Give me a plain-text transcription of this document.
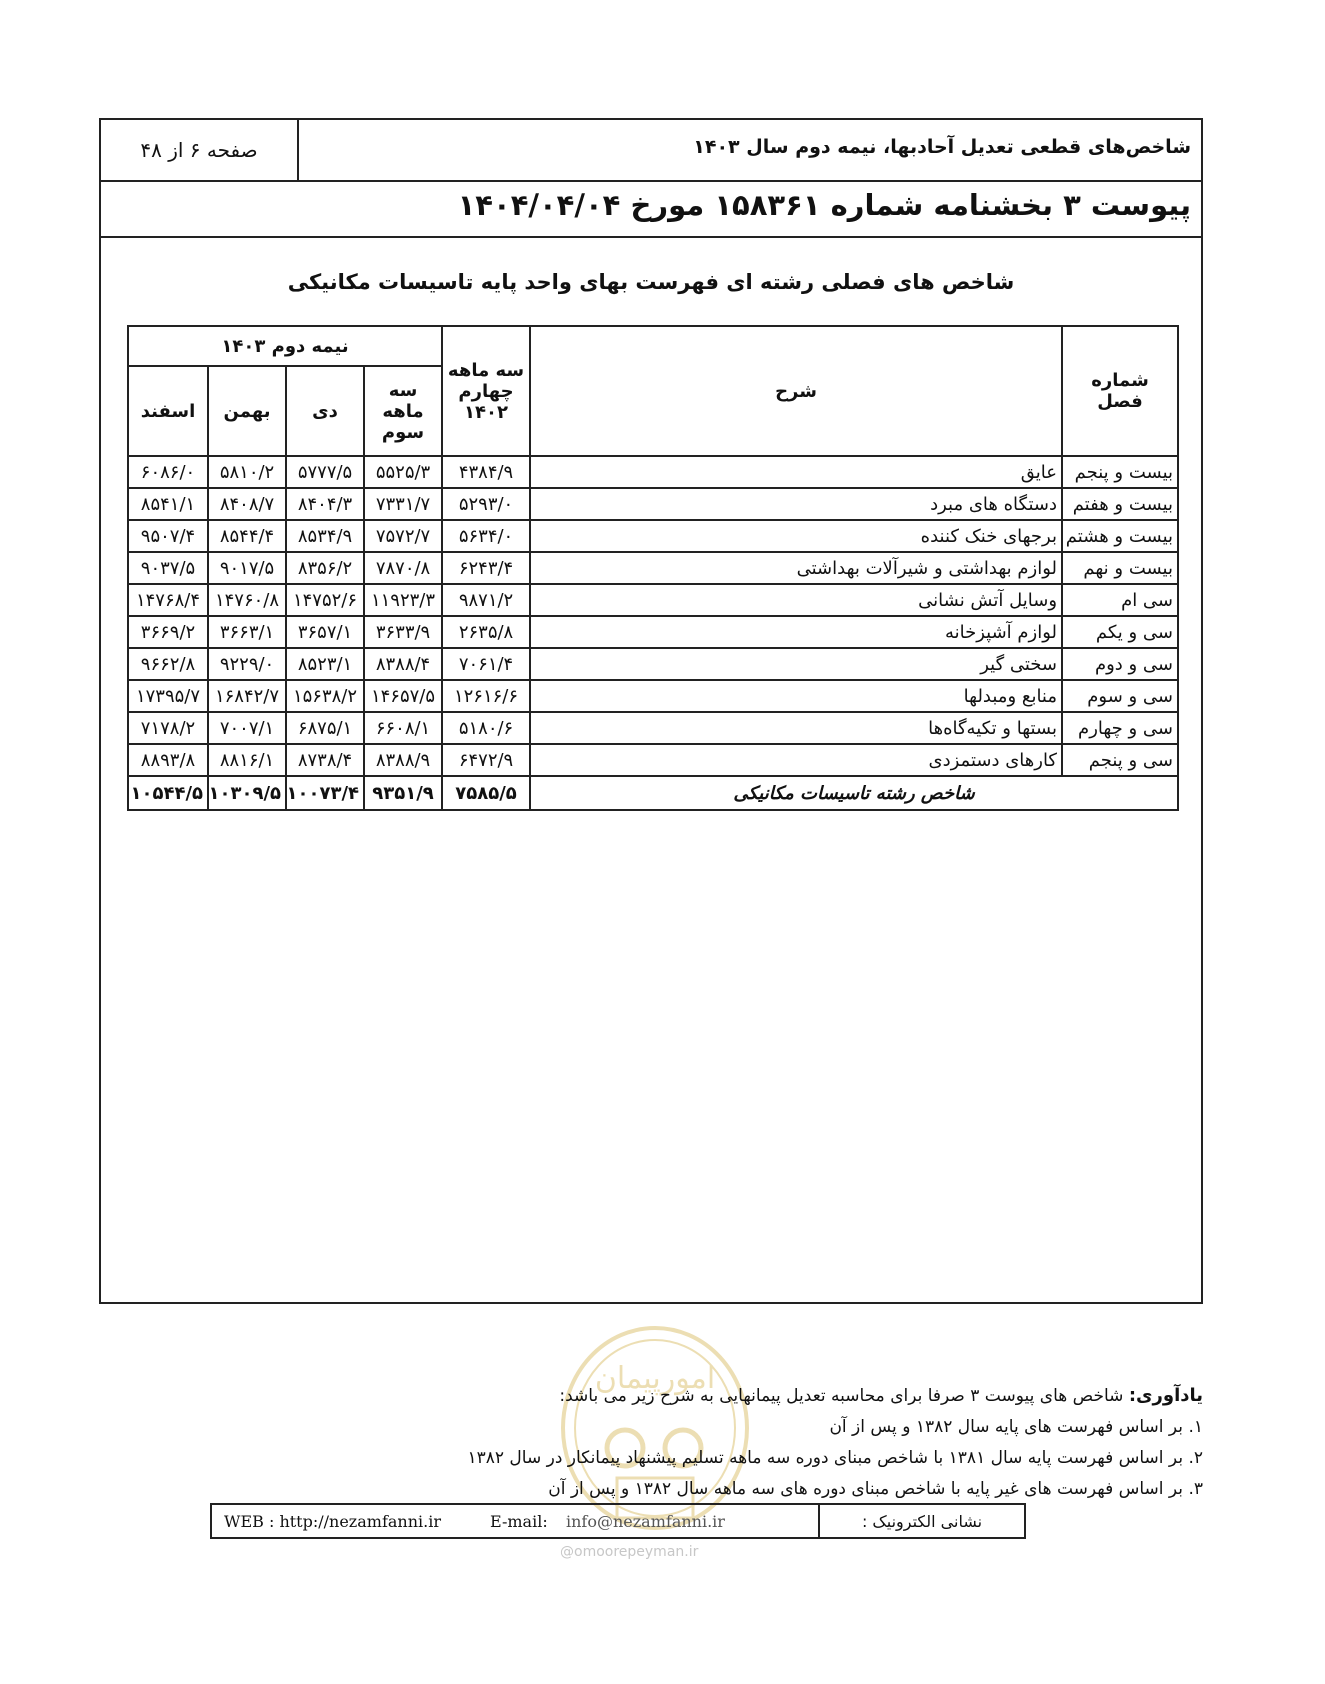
شاخص‌های قطعی تعدیل آحادبها، نیمه دوم سال ۱۴۰۳
صفحه ۶ از ۴۸
پیوست ۳ بخشنامه شماره ۱۵۸۳۶۱ مورخ ۱۴۰۴/۰۴/۰۴
شاخص های فصلی رشته ای فهرست بهای واحد پایه تاسیسات مکانیکی
شماره فصل	شرح	سه ماهه چهارم ۱۴۰۲	نیمه دوم ۱۴۰۳			
			سه ماهه سوم	دی	بهمن	اسفند
بیست و پنجم	عایق	۴۳۸۴/۹	۵۵۲۵/۳	۵۷۷۷/۵	۵۸۱۰/۲	۶۰۸۶/۰
بیست و هفتم	دستگاه های مبرد	۵۲۹۳/۰	۷۳۳۱/۷	۸۴۰۴/۳	۸۴۰۸/۷	۸۵۴۱/۱
بیست و هشتم	برجهای خنک کننده	۵۶۳۴/۰	۷۵۷۲/۷	۸۵۳۴/۹	۸۵۴۴/۴	۹۵۰۷/۴
بیست و نهم	لوازم بهداشتی و شیرآلات بهداشتی	۶۲۴۳/۴	۷۸۷۰/۸	۸۳۵۶/۲	۹۰۱۷/۵	۹۰۳۷/۵
سی ام	وسایل آتش نشانی	۹۸۷۱/۲	۱۱۹۲۳/۳	۱۴۷۵۲/۶	۱۴۷۶۰/۸	۱۴۷۶۸/۴
سی و یکم	لوازم آشپزخانه	۲۶۳۵/۸	۳۶۳۳/۹	۳۶۵۷/۱	۳۶۶۳/۱	۳۶۶۹/۲
سی و دوم	سختی گیر	۷۰۶۱/۴	۸۳۸۸/۴	۸۵۲۳/۱	۹۲۲۹/۰	۹۶۶۲/۸
سی و سوم	منابع ومبدلها	۱۲۶۱۶/۶	۱۴۶۵۷/۵	۱۵۶۳۸/۲	۱۶۸۴۲/۷	۱۷۳۹۵/۷
سی و چهارم	بستها و تکیه‌گاه‌ها	۵۱۸۰/۶	۶۶۰۸/۱	۶۸۷۵/۱	۷۰۰۷/۱	۷۱۷۸/۲
سی و پنجم	کارهای دستمزدی	۶۴۷۲/۹	۸۳۸۸/۹	۸۷۳۸/۴	۸۸۱۶/۱	۸۸۹۳/۸
شاخص رشته تاسیسات مکانیکی		۷۵۸۵/۵	۹۳۵۱/۹	۱۰۰۷۳/۴	۱۰۳۰۹/۵	۱۰۵۴۴/۵
امورپیمان	یادآوری: شاخص های پیوست ۳ صرفا برای محاسبه تعدیل پیمانهایی به شرح زیر می باشد:
۱. بر اساس فهرست های پایه سال ۱۳۸۲ و پس از آن
۲. بر اساس فهرست پایه سال ۱۳۸۱ با شاخص مبنای دوره سه ماهه تسلیم پیشنهاد پیمانکار در سال ۱۳۸۲
۳. بر اساس فهرست های غیر پایه با شاخص مبنای دوره های سه ماهه سال ۱۳۸۲ و پس از آن
نشانی الکترونیک :
WEB : http://nezamfanni.ir	E-mail: info@nezamfanni.ir
@omoorepeyman.ir
